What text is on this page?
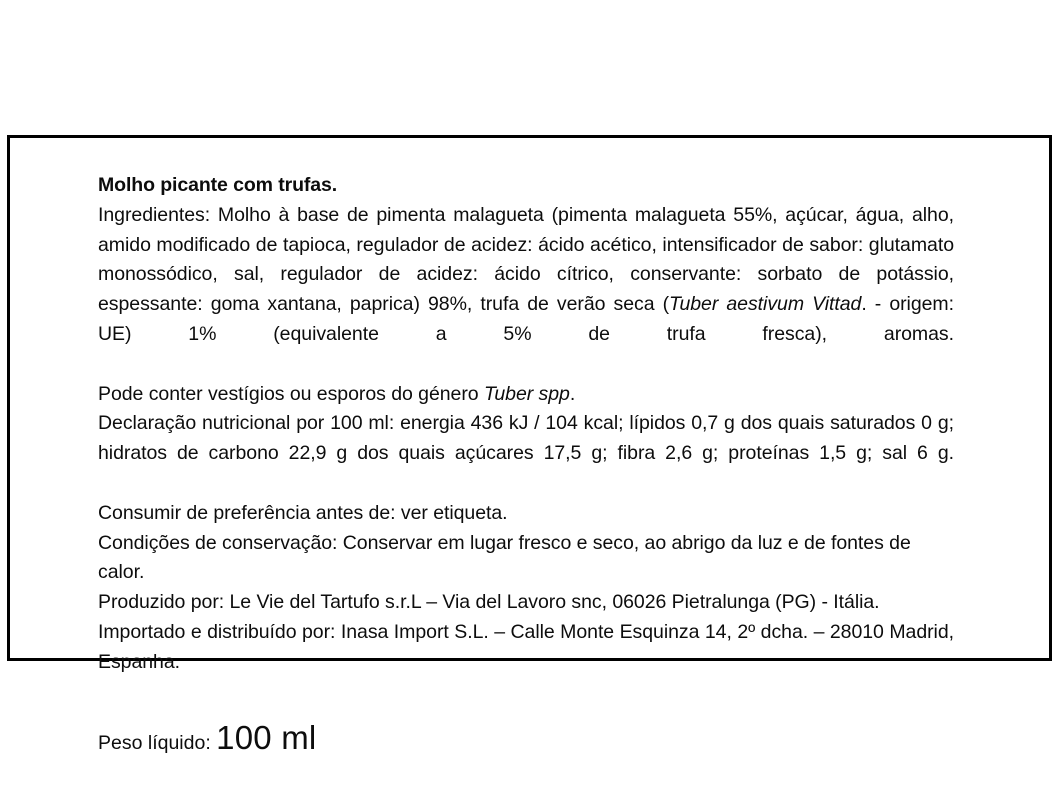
Molho picante com trufas.

Ingredientes: Molho à base de pimenta malagueta (pimenta malagueta 55%, açúcar, água, alho, amido modificado de tapioca, regulador de acidez: ácido acético, intensificador de sabor: glutamato monossódico, sal, regulador de acidez: ácido cítrico, conservante: sorbato de potássio, espessante: goma xantana, paprica) 98%, trufa de verão seca (Tuber aestivum Vittad. - origem: UE) 1% (equivalente a 5% de trufa fresca), aromas.

Pode conter vestígios ou esporos do género Tuber spp.

Declaração nutricional por 100 ml: energia 436 kJ / 104 kcal; lípidos 0,7 g dos quais saturados 0 g; hidratos de carbono 22,9 g dos quais açúcares 17,5 g; fibra 2,6 g; proteínas 1,5 g; sal 6 g.

Consumir de preferência antes de: ver etiqueta.

Condições de conservação: Conservar em lugar fresco e seco, ao abrigo da luz e de fontes de calor.

Produzido por: Le Vie del Tartufo s.r.L – Via del Lavoro snc, 06026 Pietralunga (PG) - Itália.

Importado e distribuído por: Inasa Import S.L. – Calle Monte Esquinza 14, 2º dcha. – 28010 Madrid, Espanha.

Peso líquido: 100 ml
